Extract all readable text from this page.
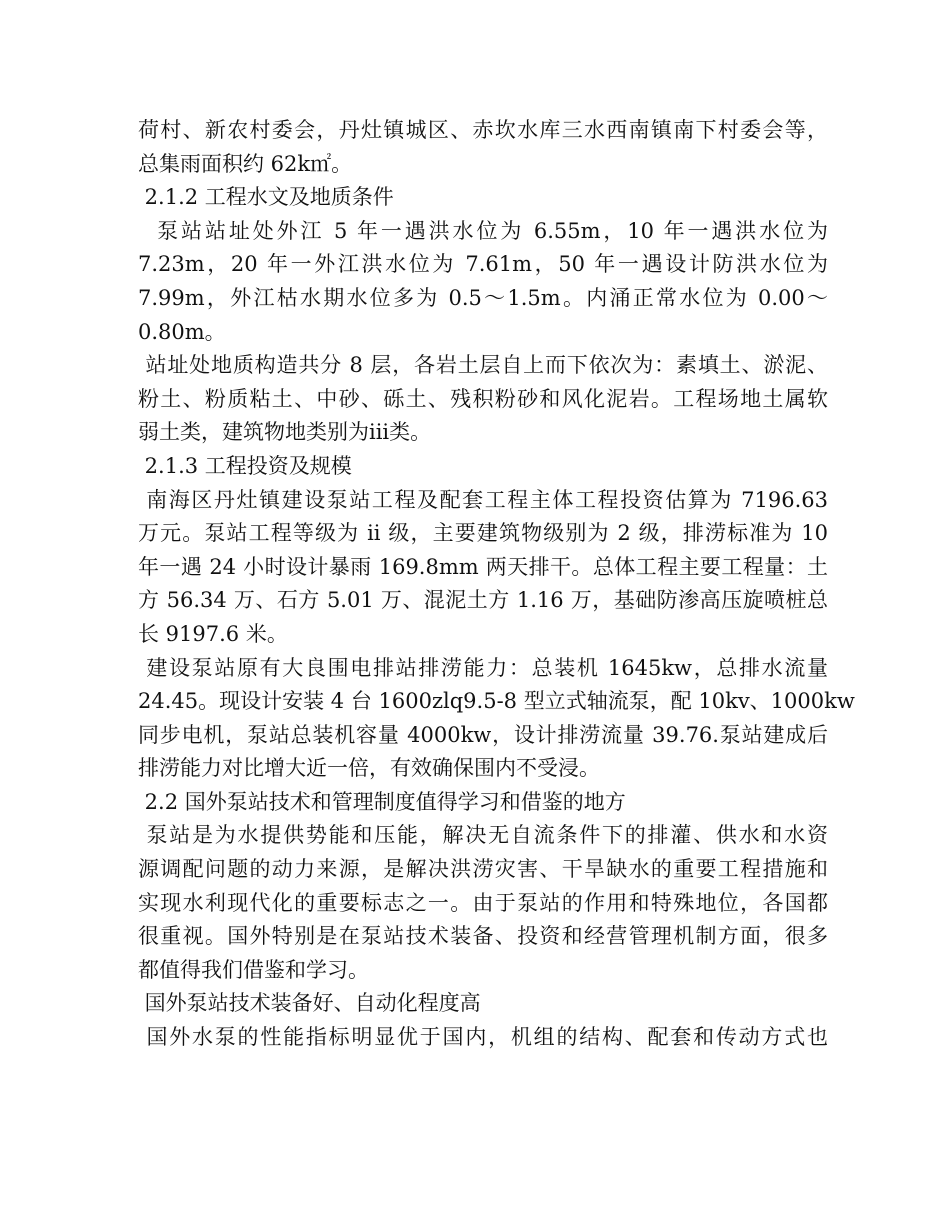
荷村、新农村委会，丹灶镇城区、赤坎水库三水西南镇南下村委会等，
总集雨面积约 62k㎡。
2.1.2 工程水文及地质条件
泵站站址处外江 5 年一遇洪水位为 6.55m，10 年一遇洪水位为
7.23m，20 年一外江洪水位为 7.61m，50 年一遇设计防洪水位为
7.99m，外江枯水期水位多为 0.5～1.5m。内涌正常水位为 0.00～
0.80m。
站址处地质构造共分 8 层，各岩土层自上而下依次为：素填土、淤泥、
粉土、粉质粘土、中砂、砾土、残积粉砂和风化泥岩。工程场地土属软
弱土类，建筑物地类别为iii类。
2.1.3 工程投资及规模
南海区丹灶镇建设泵站工程及配套工程主体工程投资估算为 7196.63
万元。泵站工程等级为 ii 级，主要建筑物级别为 2 级，排涝标准为 10
年一遇 24 小时设计暴雨 169.8mm 两天排干。总体工程主要工程量：土
方 56.34 万、石方 5.01 万、混泥土方 1.16 万，基础防渗高压旋喷桩总
长 9197.6 米。
建设泵站原有大良围电排站排涝能力：总装机 1645kw，总排水流量
24.45。现设计安装 4 台 1600zlq9.5-8 型立式轴流泵，配 10kv、1000kw
同步电机，泵站总装机容量 4000kw，设计排涝流量 39.76.泵站建成后
排涝能力对比增大近一倍，有效确保围内不受浸。
2.2 国外泵站技术和管理制度值得学习和借鉴的地方
泵站是为水提供势能和压能，解决无自流条件下的排灌、供水和水资
源调配问题的动力来源，是解决洪涝灾害、干旱缺水的重要工程措施和
实现水利现代化的重要标志之一。由于泵站的作用和特殊地位，各国都
很重视。国外特别是在泵站技术装备、投资和经营管理机制方面，很多
都值得我们借鉴和学习。
国外泵站技术装备好、自动化程度高
国外水泵的性能指标明显优于国内，机组的结构、配套和传动方式也
